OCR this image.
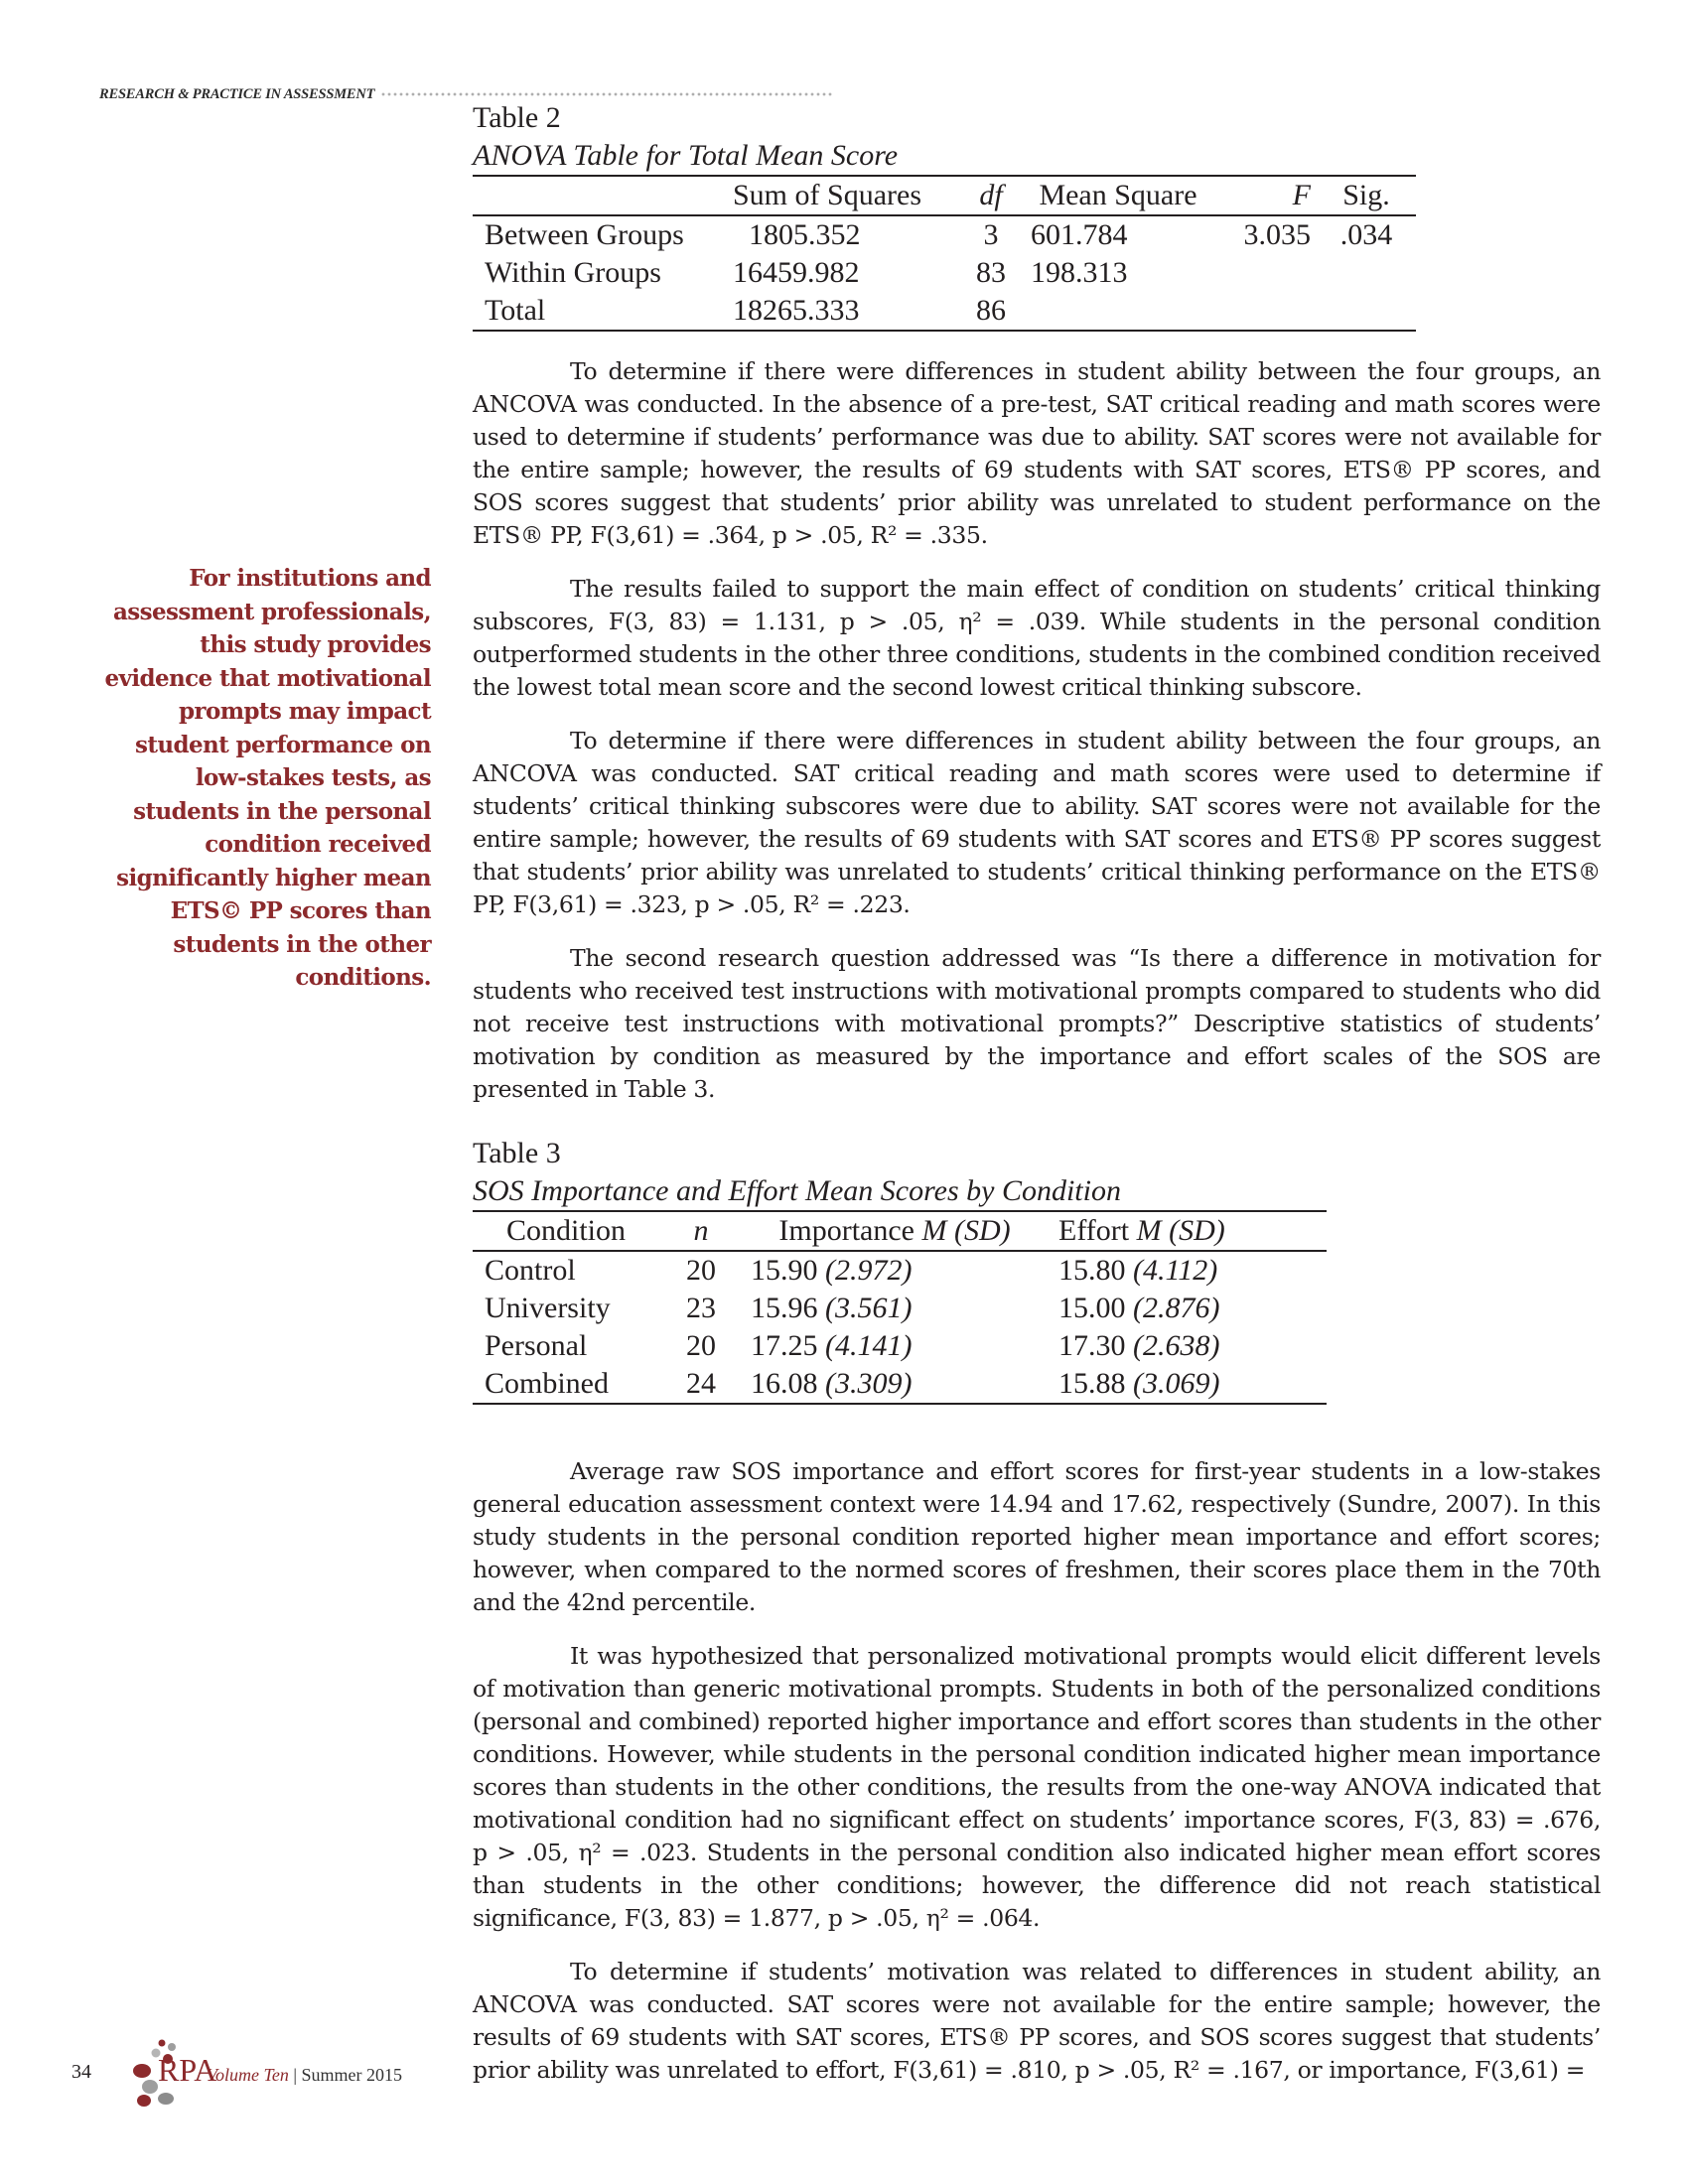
RESEARCH & PRACTICE IN ASSESSMENT
Table 2
ANOVA Table for Total Mean Score
	Sum of Squares	df	Mean Square	F	Sig.
Between Groups	1805.352	3	601.784	3.035	.034
Within Groups	16459.982	83	198.313		
Total	18265.333	86			

To determine if there were differences in student ability between the four groups, an ANCOVA was conducted. In the absence of a pre-test, SAT critical reading and math scores were used to determine if students’ performance was due to ability. SAT scores were not available for the entire sample; however, the results of 69 students with SAT scores, ETS® PP scores, and SOS scores suggest that students’ prior ability was unrelated to student performance on the ETS® PP, F(3,61) = .364, p > .05, R² = .335.

The results failed to support the main effect of condition on students’ critical thinking subscores, F(3, 83) = 1.131, p > .05, η² = .039. While students in the personal condition outperformed students in the other three conditions, students in the combined condition received the lowest total mean score and the second lowest critical thinking subscore.

To determine if there were differences in student ability between the four groups, an ANCOVA was conducted. SAT critical reading and math scores were used to determine if students’ critical thinking subscores were due to ability. SAT scores were not available for the entire sample; however, the results of 69 students with SAT scores and ETS® PP scores suggest that students’ prior ability was unrelated to students’ critical thinking performance on the ETS® PP, F(3,61) = .323, p > .05, R² = .223.

The second research question addressed was “Is there a difference in motivation for students who received test instructions with motivational prompts compared to students who did not receive test instructions with motivational prompts?” Descriptive statistics of students’ motivation by condition as measured by the importance and effort scales of the SOS are presented in Table 3.

For institutions and assessment professionals, this study provides evidence that motivational prompts may impact student performance on low-stakes tests, as students in the personal condition received significantly higher mean ETS© PP scores than students in the other conditions.
Table 3
SOS Importance and Effort Mean Scores by Condition
Condition	n	Importance M (SD)	Effort M (SD)
Control	20	15.90 (2.972)	15.80 (4.112)
University	23	15.96 (3.561)	15.00 (2.876)
Personal	20	17.25 (4.141)	17.30 (2.638)
Combined	24	16.08 (3.309)	15.88 (3.069)

Average raw SOS importance and effort scores for first-year students in a low-stakes general education assessment context were 14.94 and 17.62, respectively (Sundre, 2007). In this study students in the personal condition reported higher mean importance and effort scores; however, when compared to the normed scores of freshmen, their scores place them in the 70th and the 42nd percentile.

It was hypothesized that personalized motivational prompts would elicit different levels of motivation than generic motivational prompts. Students in both of the personalized conditions (personal and combined) reported higher importance and effort scores than students in the other conditions. However, while students in the personal condition indicated higher mean importance scores than students in the other conditions, the results from the one-way ANOVA indicated that motivational condition had no significant effect on students’ importance scores, F(3, 83) = .676, p > .05, η² = .023. Students in the personal condition also indicated higher mean effort scores than students in the other conditions; however, the difference did not reach statistical significance, F(3, 83) = 1.877, p > .05, η² = .064.

To determine if students’ motivation was related to differences in student ability, an ANCOVA was conducted. SAT scores were not available for the entire sample; however, the results of 69 students with SAT scores, ETS® PP scores, and SOS scores suggest that students’ prior ability was unrelated to effort, F(3,61) = .810, p > .05, R² = .167, or importance, F(3,61) =

34 RPA
Volume Ten | Summer 2015
